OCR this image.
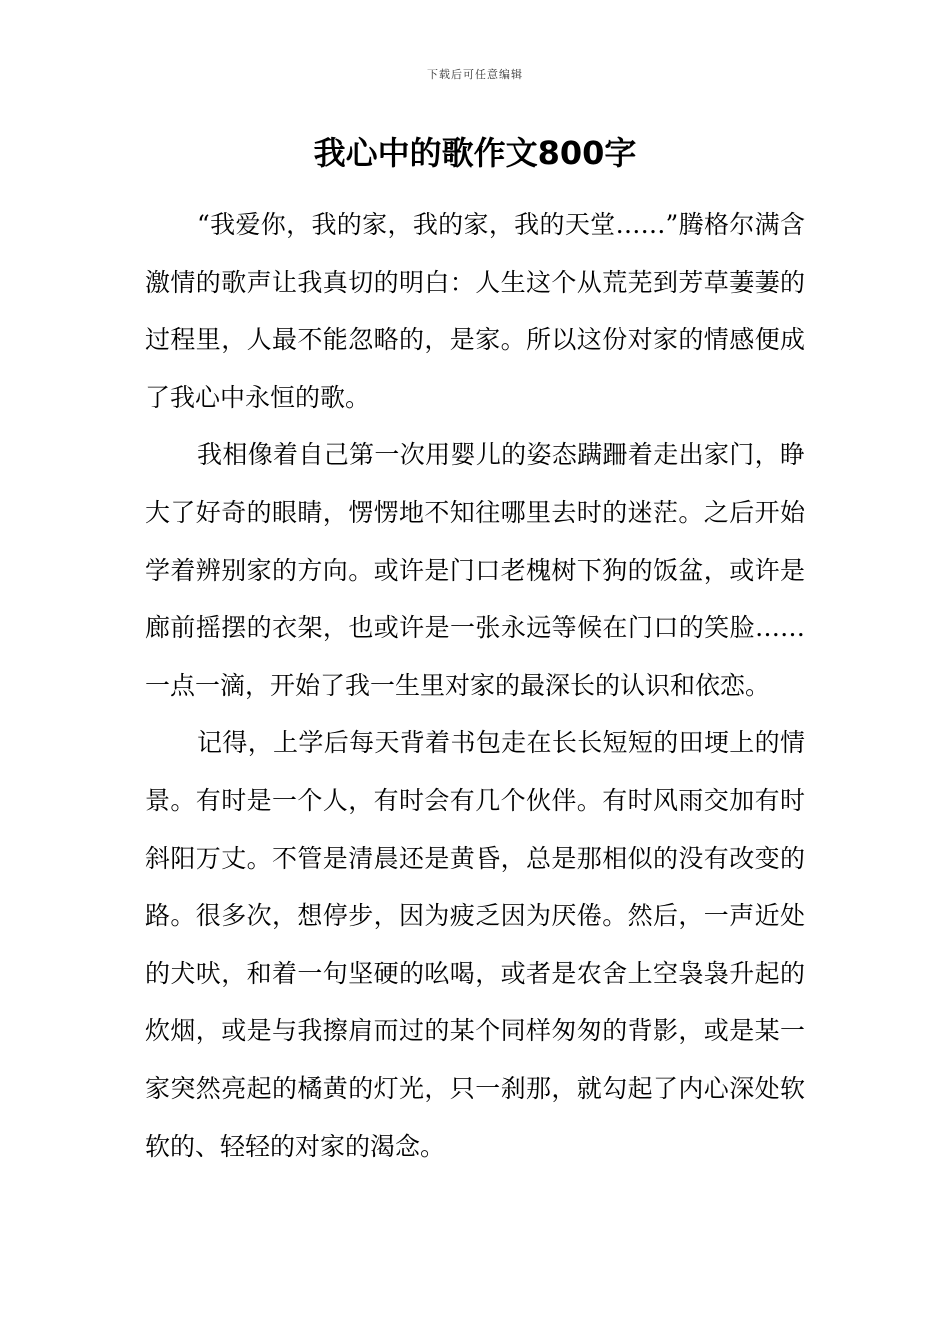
下载后可任意编辑
我心中的歌作文800字

“我爱你，我的家，我的家，我的天堂……”腾格尔满含激情的歌声让我真切的明白：人生这个从荒芜到芳草萋萋的过程里，人最不能忽略的，是家。所以这份对家的情感便成了我心中永恒的歌。

我相像着自己第一次用婴儿的姿态蹒跚着走出家门，睁大了好奇的眼睛，愣愣地不知往哪里去时的迷茫。之后开始学着辨别家的方向。或许是门口老槐树下狗的饭盆，或许是廊前摇摆的衣架，也或许是一张永远等候在门口的笑脸……一点一滴，开始了我一生里对家的最深长的认识和依恋。

记得，上学后每天背着书包走在长长短短的田埂上的情景。有时是一个人，有时会有几个伙伴。有时风雨交加有时斜阳万丈。不管是清晨还是黄昏，总是那相似的没有改变的路。很多次，想停步，因为疲乏因为厌倦。然后，一声近处的犬吠，和着一句坚硬的吆喝，或者是农舍上空袅袅升起的炊烟，或是与我擦肩而过的某个同样匆匆的背影，或是某一家突然亮起的橘黄的灯光，只一刹那，就勾起了内心深处软软的、轻轻的对家的渴念。
